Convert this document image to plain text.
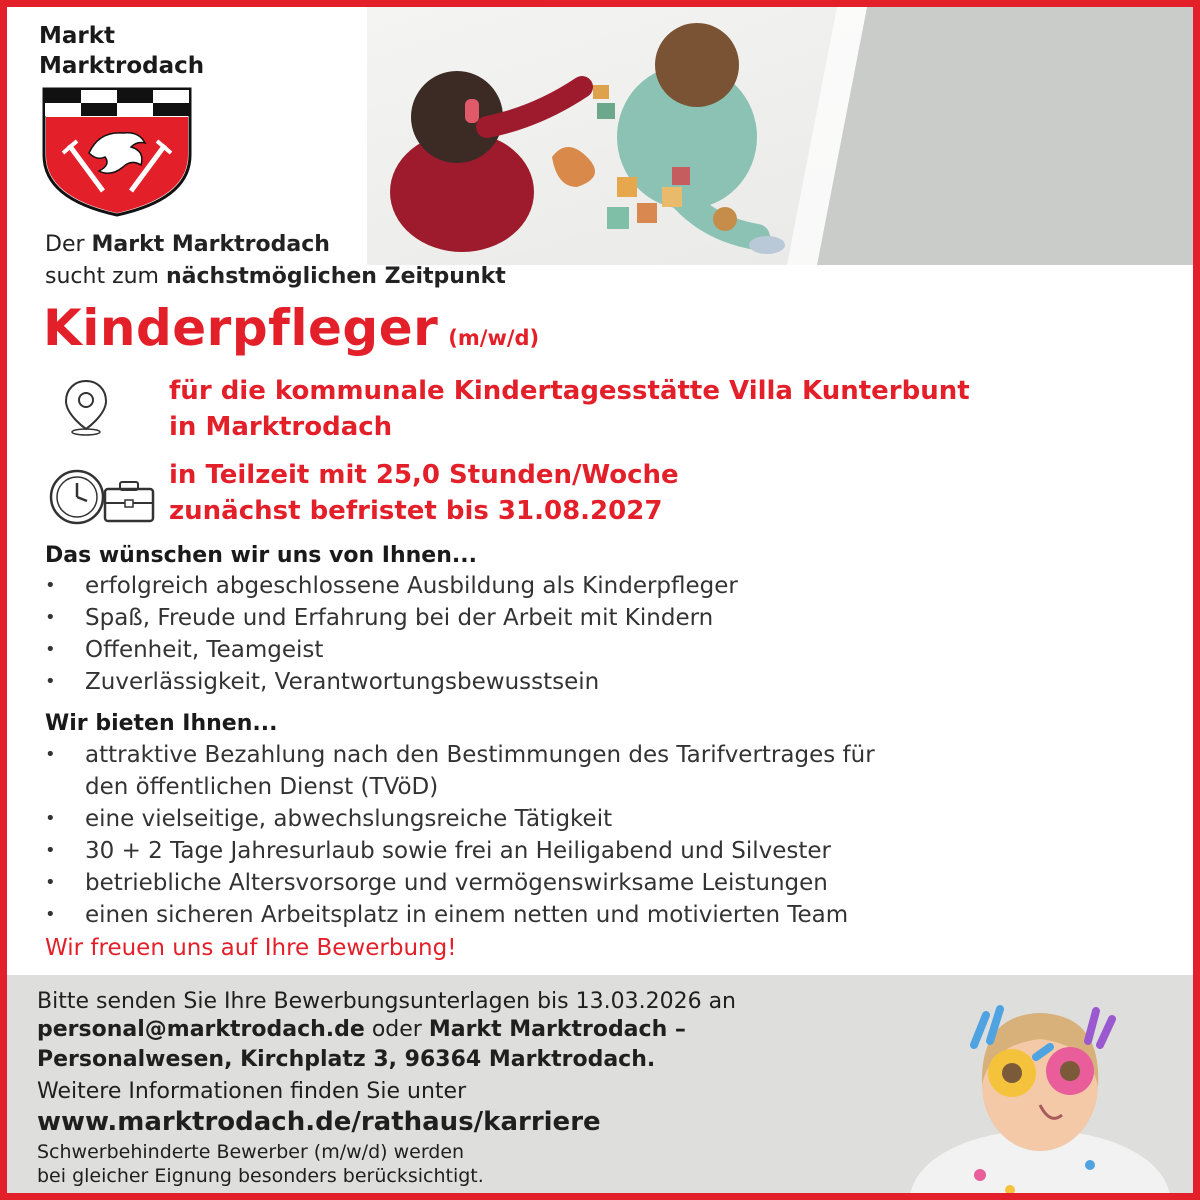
Markt
Marktrodach
Der Markt Marktrodach
sucht zum nächstmöglichen Zeitpunkt
Kinderpfleger (m/w/d)
für die kommunale Kindertagesstätte Villa Kunterbunt
in Marktrodach
in Teilzeit mit 25,0 Stunden/Woche
zunächst befristet bis 31.08.2027
Das wünschen wir uns von Ihnen...
• erfolgreich abgeschlossene Ausbildung als Kinderpfleger
• Spaß, Freude und Erfahrung bei der Arbeit mit Kindern
• Offenheit, Teamgeist
• Zuverlässigkeit, Verantwortungsbewusstsein
Wir bieten Ihnen...
• attraktive Bezahlung nach den Bestimmungen des Tarifvertrages für
den öffentlichen Dienst (TVöD)
• eine vielseitige, abwechslungsreiche Tätigkeit
• 30 + 2 Tage Jahresurlaub sowie frei an Heiligabend und Silvester
• betriebliche Altersvorsorge und vermögenswirksame Leistungen
• einen sicheren Arbeitsplatz in einem netten und motivierten Team
Wir freuen uns auf Ihre Bewerbung!
Bitte senden Sie Ihre Bewerbungsunterlagen bis 13.03.2026 an
personal@marktrodach.de oder Markt Marktrodach –
Personalwesen, Kirchplatz 3, 96364 Marktrodach.
Weitere Informationen finden Sie unter
www.marktrodach.de/rathaus/karriere
Schwerbehinderte Bewerber (m/w/d) werden
bei gleicher Eignung besonders berücksichtigt.
